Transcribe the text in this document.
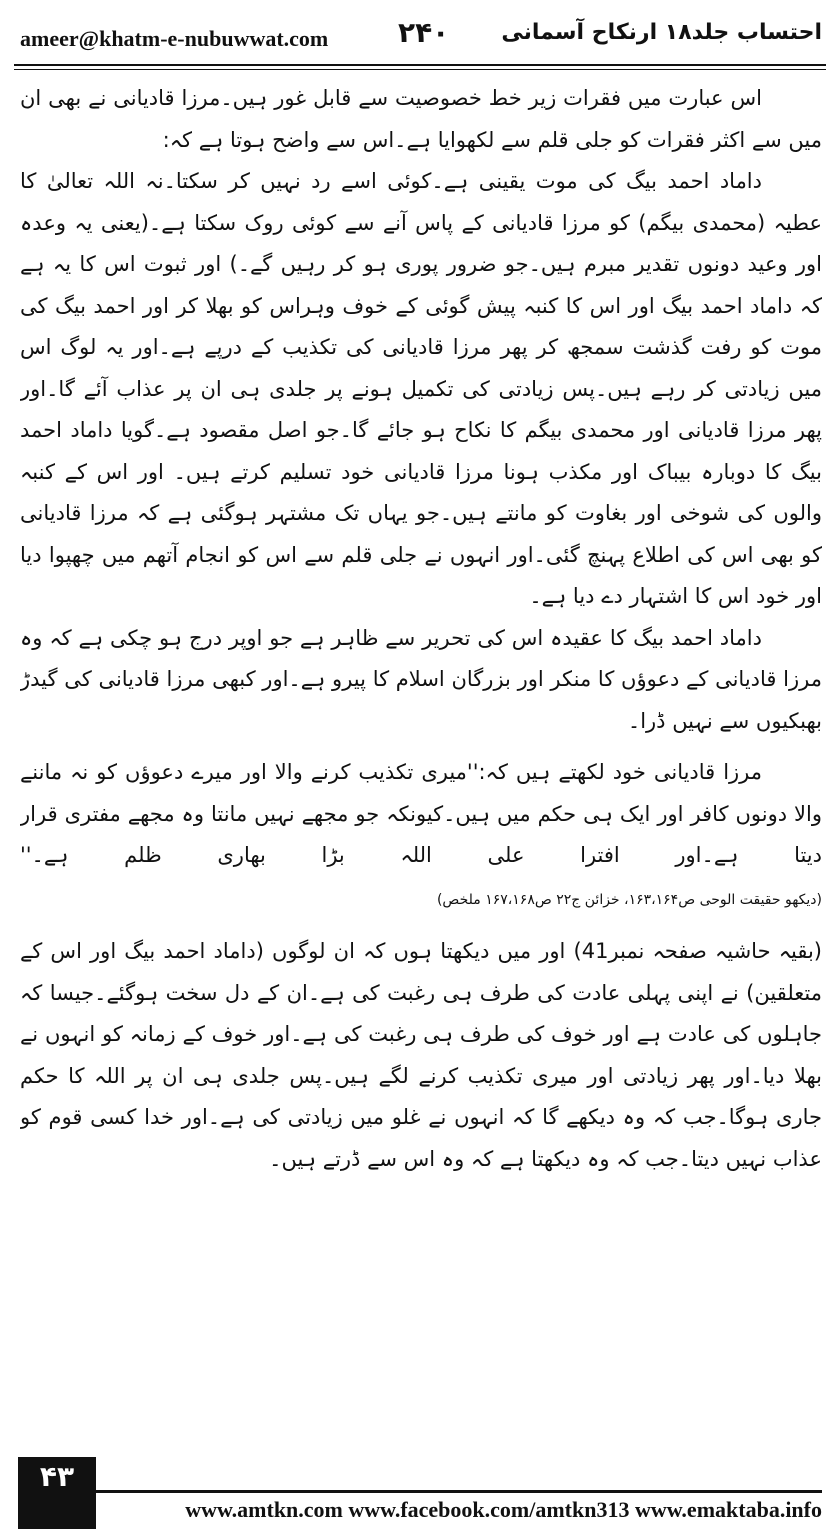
ameer@khatm-e-nubuwwat.com ۲۴۰ احتساب جلد۱۸ ارنکاح آسمانی

اس عبارت میں فقرات زیر خط خصوصیت سے قابل غور ہیں۔مرزا قادیانی نے بھی ان میں سے اکثر فقرات کو جلی قلم سے لکھوایا ہے۔اس سے واضح ہوتا ہے کہ:

داماد احمد بیگ کی موت یقینی ہے۔کوئی اسے رد نہیں کر سکتا۔نہ اللہ تعالیٰ کا عطیہ (محمدی بیگم) کو مرزا قادیانی کے پاس آنے سے کوئی روک سکتا ہے۔(یعنی یہ وعدہ اور وعید دونوں تقدیر مبرم ہیں۔جو ضرور پوری ہو کر رہیں گے۔) اور ثبوت اس کا یہ ہے کہ داماد احمد بیگ اور اس کا کنبہ پیش گوئی کے خوف وہراس کو بھلا کر اور احمد بیگ کی موت کو رفت گذشت سمجھ کر پھر مرزا قادیانی کی تکذیب کے درپے ہے۔اور یہ لوگ اس میں زیادتی کر رہے ہیں۔پس زیادتی کی تکمیل ہونے پر جلدی ہی ان پر عذاب آئے گا۔اور پھر مرزا قادیانی اور محمدی بیگم کا نکاح ہو جائے گا۔جو اصل مقصود ہے۔گویا داماد احمد بیگ کا دوبارہ بیباک اور مکذب ہونا مرزا قادیانی خود تسلیم کرتے ہیں۔ اور اس کے کنبہ والوں کی شوخی اور بغاوت کو مانتے ہیں۔جو یہاں تک مشتہر ہوگئی ہے کہ مرزا قادیانی کو بھی اس کی اطلاع پہنچ گئی۔اور انہوں نے جلی قلم سے اس کو انجام آتھم میں چھپوا دیا اور خود اس کا اشتہار دے دیا ہے۔

داماد احمد بیگ کا عقیدہ اس کی تحریر سے ظاہر ہے جو اوپر درج ہو چکی ہے کہ وہ مرزا قادیانی کے دعوؤں کا منکر اور بزرگان اسلام کا پیرو ہے۔اور کبھی مرزا قادیانی کی گیدڑ بھبکیوں سے نہیں ڈرا۔

مرزا قادیانی خود لکھتے ہیں کہ:''میری تکذیب کرنے والا اور میرے دعوؤں کو نہ ماننے والا دونوں کافر اور ایک ہی حکم میں ہیں۔کیونکہ جو مجھے نہیں مانتا وہ مجھے مفتری قرار دیتا ہے۔اور افترا علی اللہ بڑا بھاری ظلم ہے۔'' (دیکھو حقیقت الوحی ص۱۶۳،۱۶۴، خزائن ج۲۲ ص۱۶۷،۱۶۸ ملخص)

(بقیہ حاشیہ صفحہ نمبر41) اور میں دیکھتا ہوں کہ ان لوگوں (داماد احمد بیگ اور اس کے متعلقین) نے اپنی پہلی عادت کی طرف ہی رغبت کی ہے۔ان کے دل سخت ہوگئے۔جیسا کہ جاہلوں کی عادت ہے اور خوف کی طرف ہی رغبت کی ہے۔اور خوف کے زمانہ کو انہوں نے بھلا دیا۔اور پھر زیادتی اور میری تکذیب کرنے لگے ہیں۔پس جلدی ہی ان پر اللہ کا حکم جاری ہوگا۔جب کہ وہ دیکھے گا کہ انہوں نے غلو میں زیادتی کی ہے۔اور خدا کسی قوم کو عذاب نہیں دیتا۔جب کہ وہ دیکھتا ہے کہ وہ اس سے ڈرتے ہیں۔

۴۳
www.amtkn.com www.facebook.com/amtkn313 www.emaktaba.info
